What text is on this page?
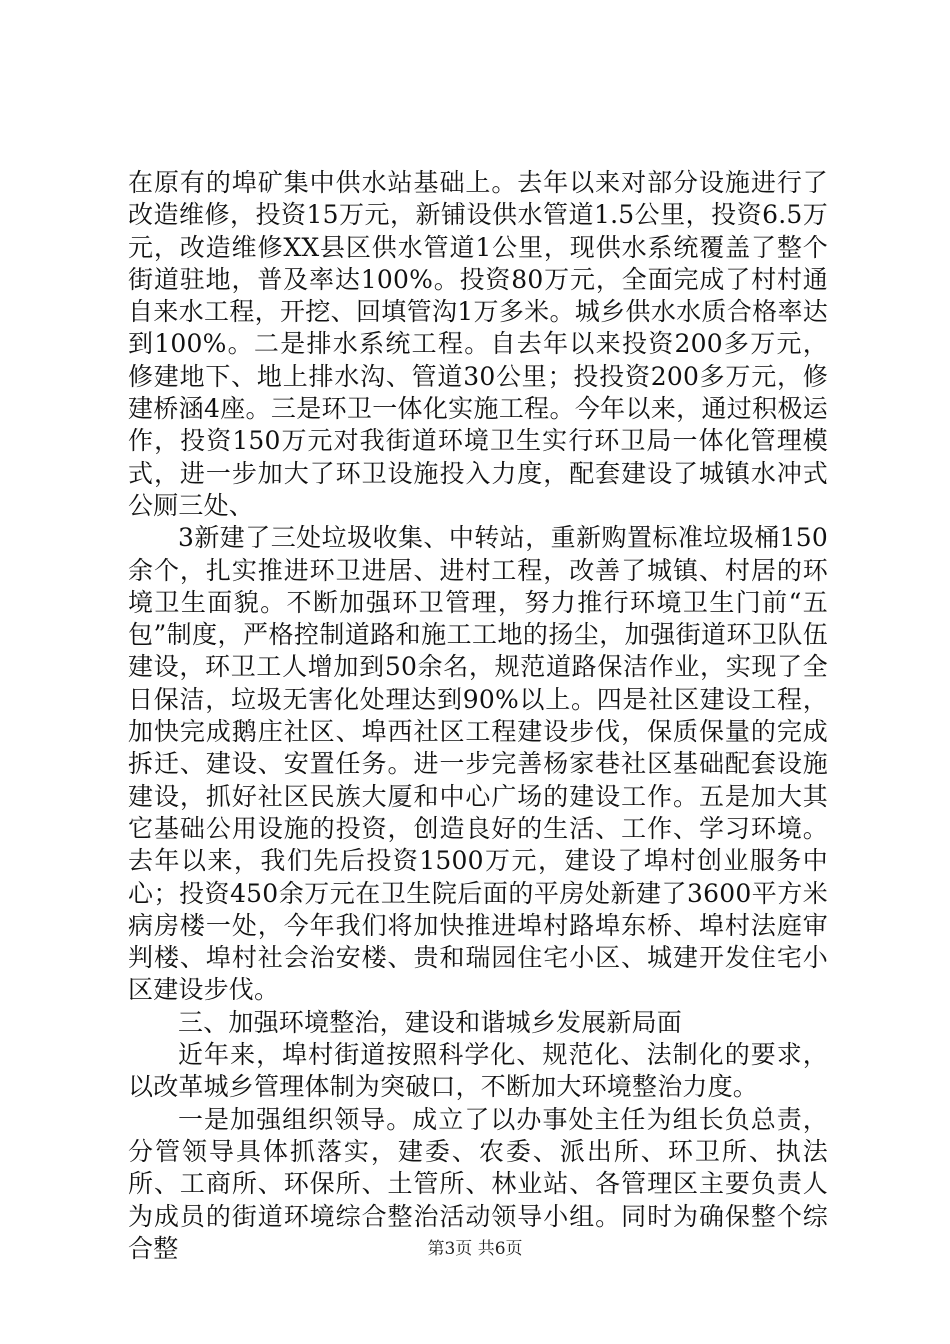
在原有的埠矿集中供水站基础上。去年以来对部分设施进行了改造维修，投资15万元，新铺设供水管道1.5公里，投资6.5万元，改造维修XX县区供水管道1公里，现供水系统覆盖了整个街道驻地，普及率达100%。投资80万元，全面完成了村村通自来水工程，开挖、回填管沟1万多米。城乡供水水质合格率达到100%。二是排水系统工程。自去年以来投资200多万元，修建地下、地上排水沟、管道30公里；投投资200多万元，修建桥涵4座。三是环卫一体化实施工程。今年以来，通过积极运作，投资150万元对我街道环境卫生实行环卫局一体化管理模式，进一步加大了环卫设施投入力度，配套建设了城镇水冲式公厕三处、

3新建了三处垃圾收集、中转站，重新购置标准垃圾桶150余个，扎实推进环卫进居、进村工程，改善了城镇、村居的环境卫生面貌。不断加强环卫管理，努力推行环境卫生门前“五包”制度，严格控制道路和施工工地的扬尘，加强街道环卫队伍建设，环卫工人增加到50余名，规范道路保洁作业，实现了全日保洁，垃圾无害化处理达到90%以上。四是社区建设工程，加快完成鹅庄社区、埠西社区工程建设步伐，保质保量的完成拆迁、建设、安置任务。进一步完善杨家巷社区基础配套设施建设，抓好社区民族大厦和中心广场的建设工作。五是加大其它基础公用设施的投资，创造良好的生活、工作、学习环境。去年以来，我们先后投资1500万元，建设了埠村创业服务中心；投资450余万元在卫生院后面的平房处新建了3600平方米病房楼一处，今年我们将加快推进埠村路埠东桥、埠村法庭审判楼、埠村社会治安楼、贵和瑞园住宅小区、城建开发住宅小区建设步伐。

三、加强环境整治，建设和谐城乡发展新局面

近年来，埠村街道按照科学化、规范化、法制化的要求，以改革城乡管理体制为突破口，不断加大环境整治力度。

一是加强组织领导。成立了以办事处主任为组长负总责，分管领导具体抓落实，建委、农委、派出所、环卫所、执法所、工商所、环保所、土管所、林业站、各管理区主要负责人为成员的街道环境综合整治活动领导小组。同时为确保整个综合整	第3页 共6页
